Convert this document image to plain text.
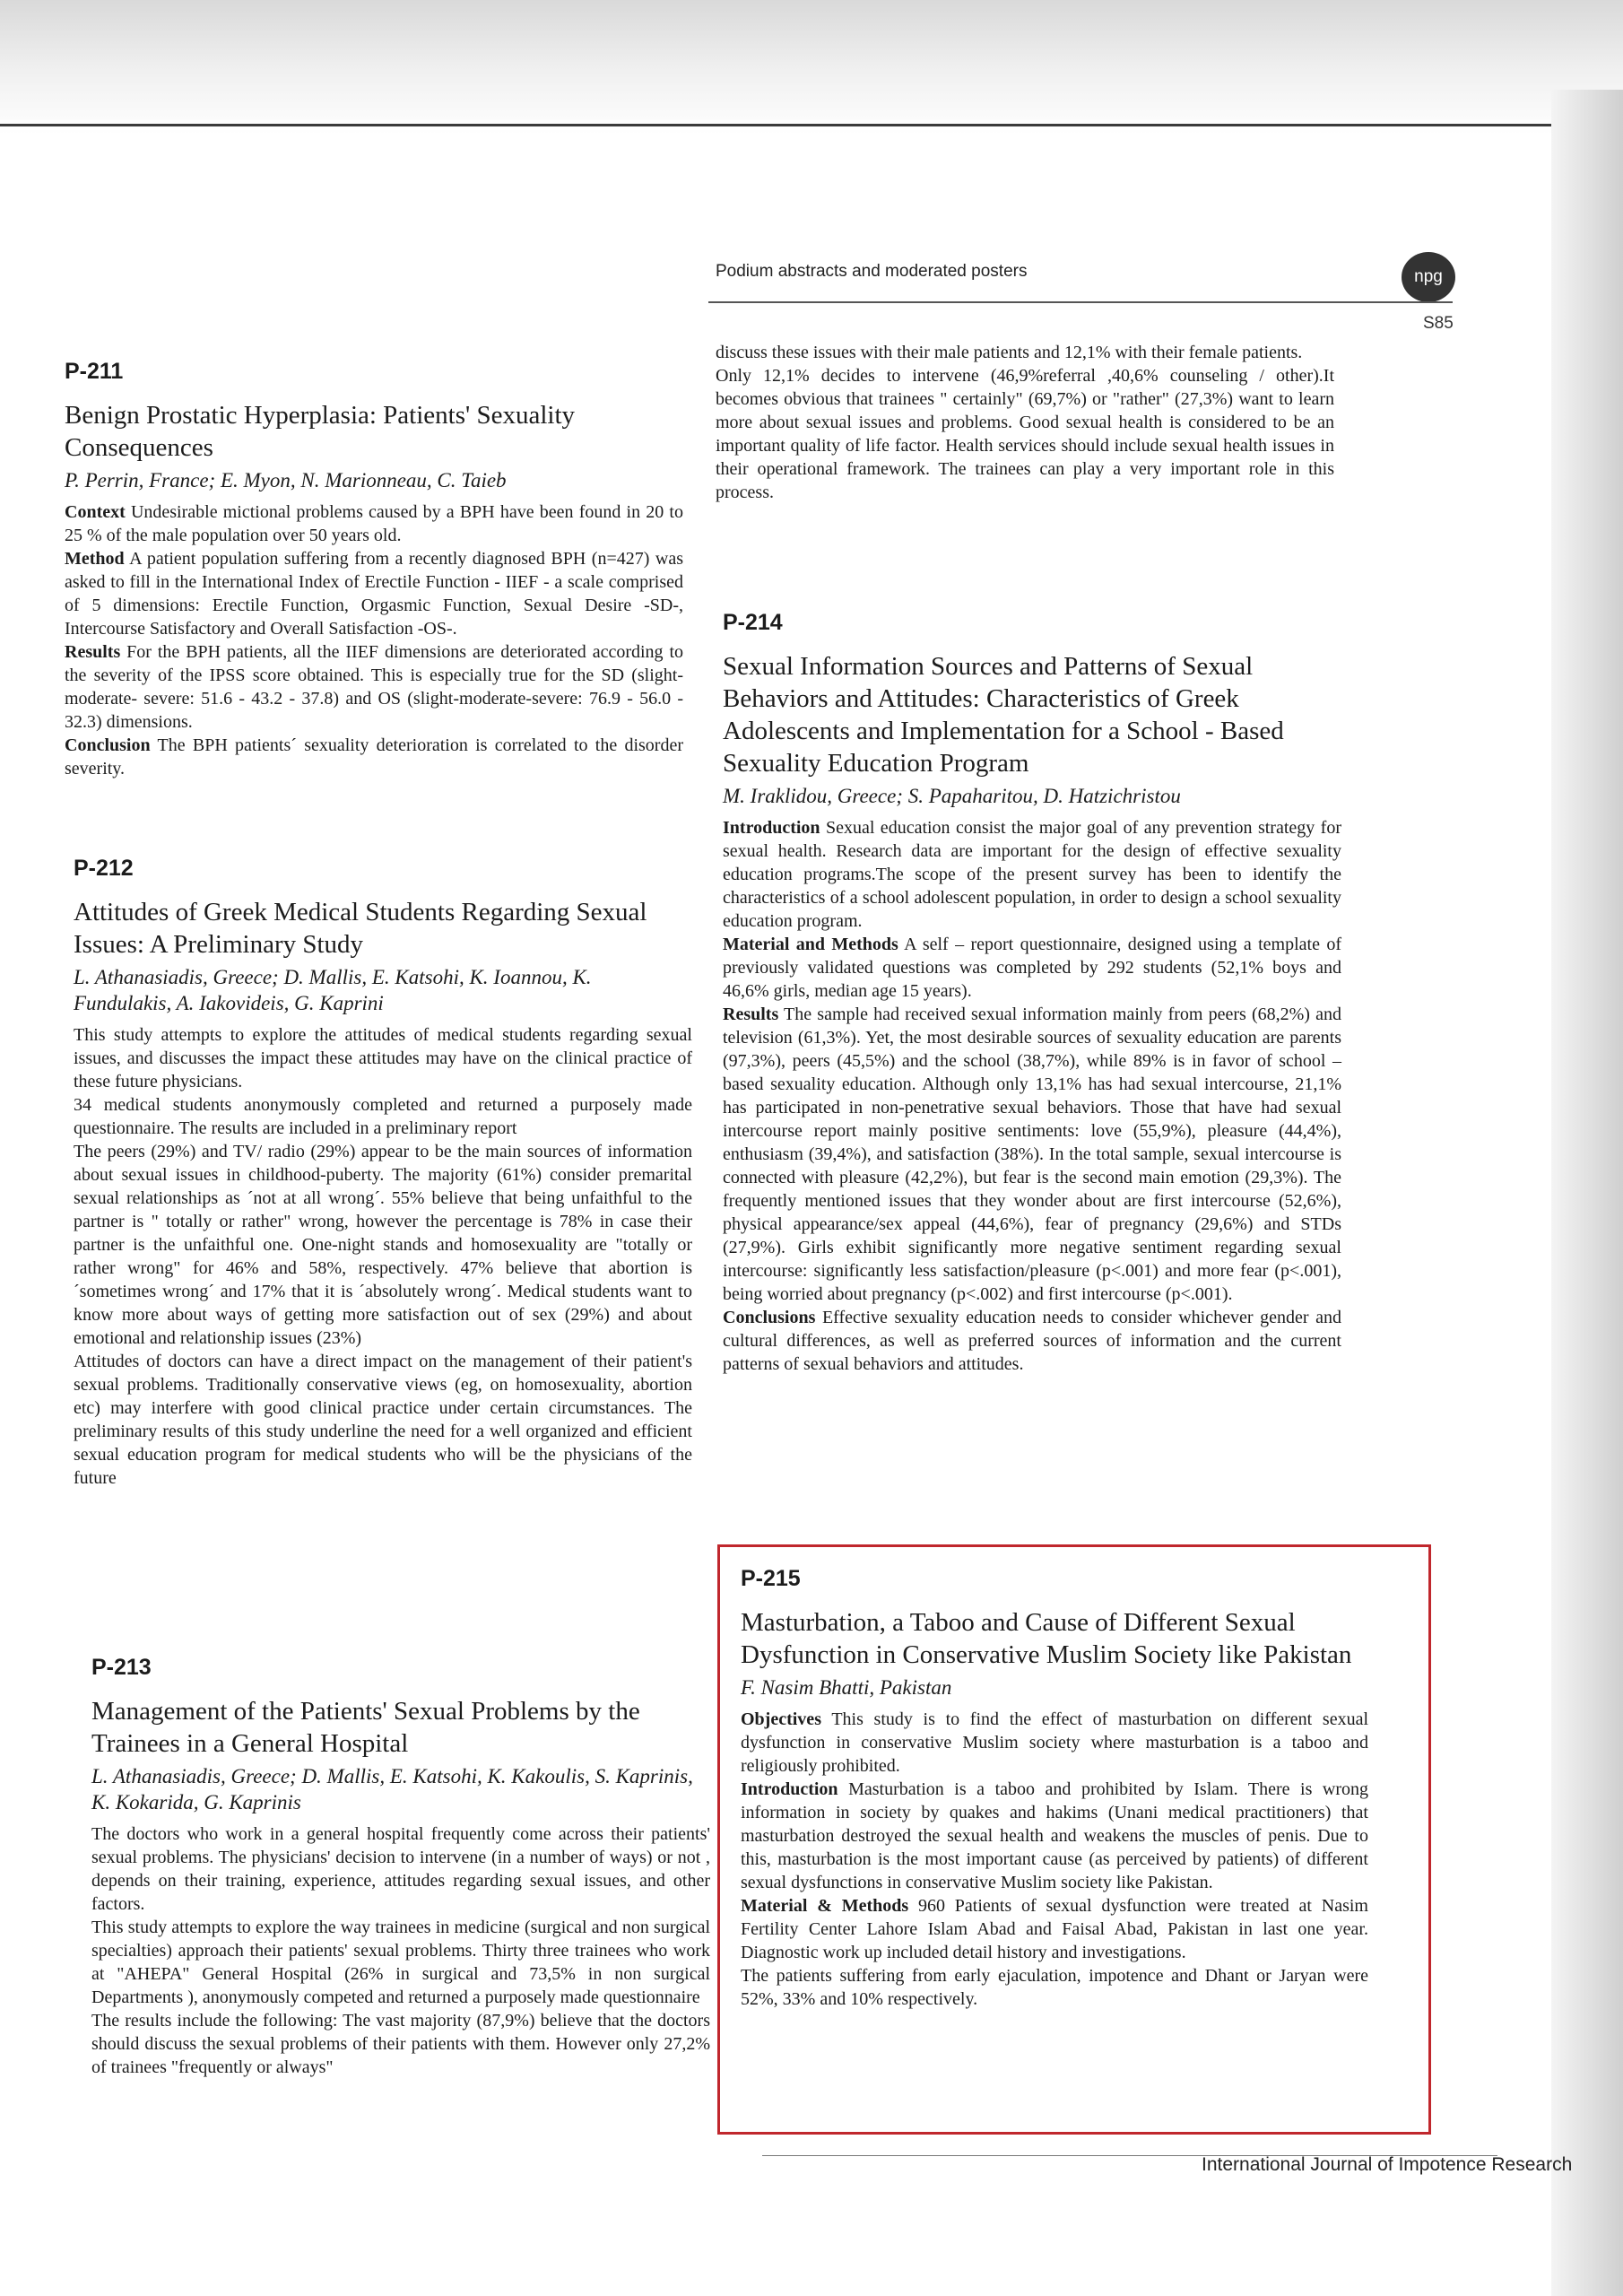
Podium abstracts and moderated posters	npg
S85
P-211
Benign Prostatic Hyperplasia: Patients' Sexuality Consequences
P. Perrin, France; E. Myon, N. Marionneau, C. Taieb

Context Undesirable mictional problems caused by a BPH have been found in 20 to 25 % of the male population over 50 years old.

Method A patient population suffering from a recently diagnosed BPH (n=427) was asked to fill in the International Index of Erectile Function - IIEF - a scale comprised of 5 dimensions: Erectile Function, Orgasmic Function, Sexual Desire -SD-, Intercourse Satisfactory and Overall Satisfaction -OS-.

Results For the BPH patients, all the IIEF dimensions are deteriorated according to the severity of the IPSS score obtained. This is especially true for the SD (slight-moderate- severe: 51.6 - 43.2 - 37.8) and OS (slight-moderate-severe: 76.9 - 56.0 - 32.3) dimensions.

Conclusion The BPH patients´ sexuality deterioration is correlated to the disorder severity.

P-212
Attitudes of Greek Medical Students Regarding Sexual Issues: A Preliminary Study
L. Athanasiadis, Greece; D. Mallis, E. Katsohi, K. Ioannou, K. Fundulakis, A. Iakovideis, G. Kaprini

This study attempts to explore the attitudes of medical students regarding sexual issues, and discusses the impact these attitudes may have on the clinical practice of these future physicians.

34 medical students anonymously completed and returned a purposely made questionnaire. The results are included in a preliminary report

The peers (29%) and TV/ radio (29%) appear to be the main sources of information about sexual issues in childhood-puberty. The majority (61%) consider premarital sexual relationships as ´not at all wrong´. 55% believe that being unfaithful to the partner is " totally or rather" wrong, however the percentage is 78% in case their partner is the unfaithful one. One-night stands and homosexuality are "totally or rather wrong" for 46% and 58%, respectively. 47% believe that abortion is ´sometimes wrong´ and 17% that it is ´absolutely wrong´. Medical students want to know more about ways of getting more satisfaction out of sex (29%) and about emotional and relationship issues (23%)

Attitudes of doctors can have a direct impact on the management of their patient's sexual problems. Traditionally conservative views (eg, on homosexuality, abortion etc) may interfere with good clinical practice under certain circumstances. The preliminary results of this study underline the need for a well organized and efficient sexual education program for medical students who will be the physicians of the future

P-213
Management of the Patients' Sexual Problems by the Trainees in a General Hospital
L. Athanasiadis, Greece; D. Mallis, E. Katsohi, K. Kakoulis, S. Kaprinis, K. Kokarida, G. Kaprinis

The doctors who work in a general hospital frequently come across their patients' sexual problems. The physicians' decision to intervene (in a number of ways) or not , depends on their training, experience, attitudes regarding sexual issues, and other factors.

This study attempts to explore the way trainees in medicine (surgical and non surgical specialties) approach their patients' sexual problems. Thirty three trainees who work at "AHEPA" General Hospital (26% in surgical and 73,5% in non surgical Departments ), anonymously competed and returned a purposely made questionnaire

The results include the following: The vast majority (87,9%) believe that the doctors should discuss the sexual problems of their patients with them. However only 27,2% of trainees "frequently or always"

discuss these issues with their male patients and 12,1% with their female patients.

Only 12,1% decides to intervene (46,9%referral ,40,6% counseling / other).It becomes obvious that trainees " certainly" (69,7%) or "rather" (27,3%) want to learn more about sexual issues and problems. Good sexual health is considered to be an important quality of life factor. Health services should include sexual health issues in their operational framework. The trainees can play a very important role in this process.

P-214
Sexual Information Sources and Patterns of Sexual Behaviors and Attitudes: Characteristics of Greek Adolescents and Implementation for a School - Based Sexuality Education Program
M. Iraklidou, Greece; S. Papaharitou, D. Hatzichristou

Introduction Sexual education consist the major goal of any prevention strategy for sexual health. Research data are important for the design of effective sexuality education programs.The scope of the present survey has been to identify the characteristics of a school adolescent population, in order to design a school sexuality education program.

Material and Methods A self – report questionnaire, designed using a template of previously validated questions was completed by 292 students (52,1% boys and 46,6% girls, median age 15 years).

Results The sample had received sexual information mainly from peers (68,2%) and television (61,3%). Yet, the most desirable sources of sexuality education are parents (97,3%), peers (45,5%) and the school (38,7%), while 89% is in favor of school – based sexuality education. Although only 13,1% has had sexual intercourse, 21,1% has participated in non-penetrative sexual behaviors. Those that have had sexual intercourse report mainly positive sentiments: love (55,9%), pleasure (44,4%), enthusiasm (39,4%), and satisfaction (38%). In the total sample, sexual intercourse is connected with pleasure (42,2%), but fear is the second main emotion (29,3%). The frequently mentioned issues that they wonder about are first intercourse (52,6%), physical appearance/sex appeal (44,6%), fear of pregnancy (29,6%) and STDs (27,9%). Girls exhibit significantly more negative sentiment regarding sexual intercourse: significantly less satisfaction/pleasure (p<.001) and more fear (p<.001), being worried about pregnancy (p<.002) and first intercourse (p<.001).

Conclusions Effective sexuality education needs to consider whichever gender and cultural differences, as well as preferred sources of information and the current patterns of sexual behaviors and attitudes.

P-215
Masturbation, a Taboo and Cause of Different Sexual Dysfunction in Conservative Muslim Society like Pakistan
F. Nasim Bhatti, Pakistan

Objectives This study is to find the effect of masturbation on different sexual dysfunction in conservative Muslim society where masturbation is a taboo and religiously prohibited.

Introduction Masturbation is a taboo and prohibited by Islam. There is wrong information in society by quakes and hakims (Unani medical practitioners) that masturbation destroyed the sexual health and weakens the muscles of penis. Due to this, masturbation is the most important cause (as perceived by patients) of different sexual dysfunctions in conservative Muslim society like Pakistan.

Material & Methods 960 Patients of sexual dysfunction were treated at Nasim Fertility Center Lahore Islam Abad and Faisal Abad, Pakistan in last one year. Diagnostic work up included detail history and investigations.

The patients suffering from early ejaculation, impotence and Dhant or Jaryan were 52%, 33% and 10% respectively.

International Journal of Impotence Research
